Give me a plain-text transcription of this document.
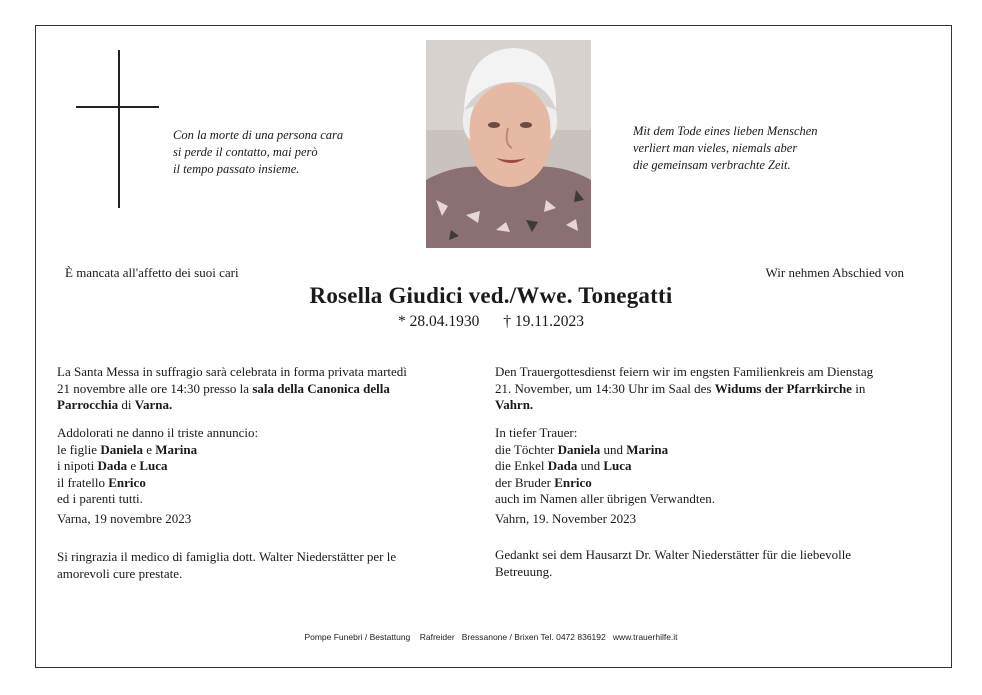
Con la morte di una persona cara
si perde il contatto, mai però
il tempo passato insieme.
Mit dem Tode eines lieben Menschen
verliert man vieles, niemals aber
die gemeinsam verbrachte Zeit.
È mancata all'affetto dei suoi cari	Wir nehmen Abschied von
Rosella Giudici ved./Wwe. Tonegatti
* 28.04.1930 † 19.11.2023
La Santa Messa in suffragio sarà celebrata in forma privata martedì
21 novembre alle ore 14:30 presso la sala della Canonica della
Parrocchia di Varna.
Addolorati ne danno il triste annuncio:
le figlie Daniela e Marina
i nipoti Dada e Luca
il fratello Enrico
ed i parenti tutti.
Varna, 19 novembre 2023
Si ringrazia il medico di famiglia dott. Walter Niederstätter per le
amorevoli cure prestate.
Den Trauergottesdienst feiern wir im engsten Familienkreis am Dienstag
21. November, um 14:30 Uhr im Saal des Widums der Pfarrkirche in
Vahrn.
In tiefer Trauer:
die Töchter Daniela und Marina
die Enkel Dada und Luca
der Bruder Enrico
auch im Namen aller übrigen Verwandten.
Vahrn, 19. November 2023
Gedankt sei dem Hausarzt Dr. Walter Niederstätter für die liebevolle
Betreuung.
Pompe Funebri / Bestattung    Rafreider   Bressanone / Brixen Tel. 0472 836192   www.trauerhilfe.it
